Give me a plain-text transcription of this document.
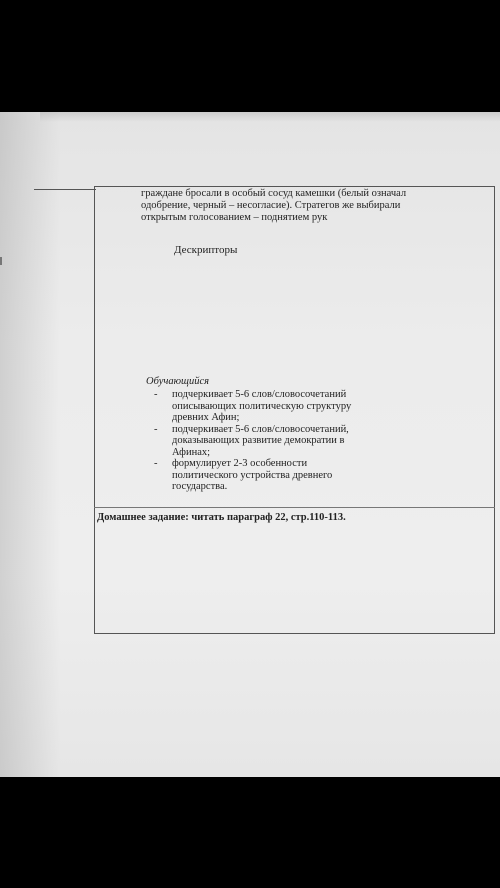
граждане бросали в особый сосуд камешки (белый означал
одобрение, черный – несогласие). Стратегов же выбирали
открытым голосованием – поднятием рук
Дескрипторы
Обучающийся
- подчеркивает 5-6 слов/словосочетаний
описывающих политическую структуру
древних Афин;
- подчеркивает 5-6 слов/словосочетаний,
доказывающих развитие демократии в
Афинах;
- формулирует 2-3 особенности
политического устройства древнего
государства.
Домашнее задание: читать параграф 22, стр.110-113.
